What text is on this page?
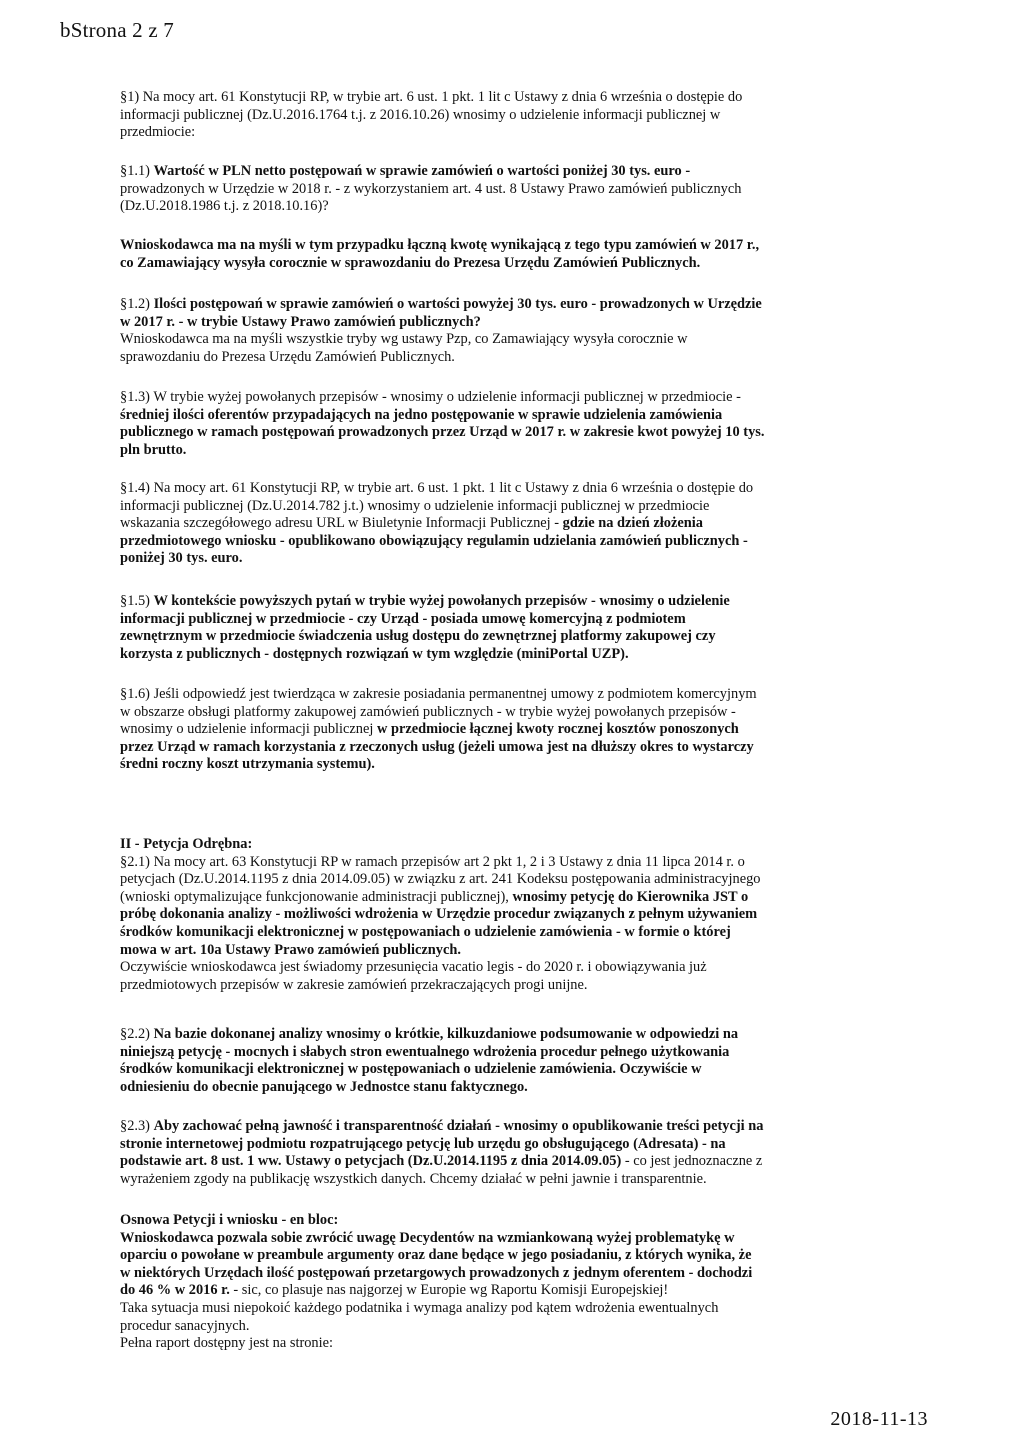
bStrona 2 z 7
§1) Na mocy art. 61 Konstytucji RP, w trybie art. 6 ust. 1 pkt. 1 lit c Ustawy z dnia 6 września o dostępie do
informacji publicznej (Dz.U.2016.1764 t.j. z 2016.10.26) wnosimy o udzielenie informacji publicznej w
przedmiocie:
§1.1) Wartość w PLN netto postępowań w sprawie zamówień o wartości poniżej 30 tys. euro -
prowadzonych w Urzędzie w 2018 r. - z wykorzystaniem art. 4 ust. 8 Ustawy Prawo zamówień publicznych
(Dz.U.2018.1986 t.j. z 2018.10.16)?
Wnioskodawca ma na myśli w tym przypadku łączną kwotę wynikającą z tego typu zamówień w 2017 r.,
co Zamawiający wysyła corocznie w sprawozdaniu do Prezesa Urzędu Zamówień Publicznych.
§1.2) Ilości postępowań w sprawie zamówień o wartości powyżej 30 tys. euro - prowadzonych w Urzędzie
w 2017 r. - w trybie Ustawy Prawo zamówień publicznych?
Wnioskodawca ma na myśli wszystkie tryby wg ustawy Pzp, co Zamawiający wysyła corocznie w
sprawozdaniu do Prezesa Urzędu Zamówień Publicznych.
§1.3) W trybie wyżej powołanych przepisów - wnosimy o udzielenie informacji publicznej w przedmiocie -
średniej ilości oferentów przypadających na jedno postępowanie w sprawie udzielenia zamówienia
publicznego w ramach postępowań prowadzonych przez Urząd w 2017 r. w zakresie kwot powyżej 10 tys.
pln brutto.
§1.4) Na mocy art. 61 Konstytucji RP, w trybie art. 6 ust. 1 pkt. 1 lit c Ustawy z dnia 6 września o dostępie do
informacji publicznej (Dz.U.2014.782 j.t.) wnosimy o udzielenie informacji publicznej w przedmiocie
wskazania szczegółowego adresu URL w Biuletynie Informacji Publicznej - gdzie na dzień złożenia
przedmiotowego wniosku - opublikowano obowiązujący regulamin udzielania zamówień publicznych -
poniżej 30 tys. euro.
§1.5) W kontekście powyższych pytań w trybie wyżej powołanych przepisów - wnosimy o udzielenie
informacji publicznej w przedmiocie - czy Urząd - posiada umowę komercyjną z podmiotem
zewnętrznym w przedmiocie świadczenia usług dostępu do zewnętrznej platformy zakupowej czy
korzysta z publicznych - dostępnych rozwiązań w tym względzie (miniPortal UZP).
§1.6) Jeśli odpowiedź jest twierdząca w zakresie posiadania permanentnej umowy z podmiotem komercyjnym
w obszarze obsługi platformy zakupowej zamówień publicznych - w trybie wyżej powołanych przepisów -
wnosimy o udzielenie informacji publicznej w przedmiocie łącznej kwoty rocznej kosztów ponoszonych
przez Urząd w ramach korzystania z rzeczonych usług (jeżeli umowa jest na dłuższy okres to wystarczy
średni roczny koszt utrzymania systemu).
II - Petycja Odrębna:
§2.1) Na mocy art. 63 Konstytucji RP w ramach przepisów art 2 pkt 1, 2 i 3 Ustawy z dnia 11 lipca 2014 r. o
petycjach (Dz.U.2014.1195 z dnia 2014.09.05) w związku z art. 241 Kodeksu postępowania administracyjnego
(wnioski optymalizujące funkcjonowanie administracji publicznej), wnosimy petycję do Kierownika JST o
próbę dokonania analizy - możliwości wdrożenia w Urzędzie procedur związanych z pełnym używaniem
środków komunikacji elektronicznej w postępowaniach o udzielenie zamówienia - w formie o której
mowa w art. 10a Ustawy Prawo zamówień publicznych.
Oczywiście wnioskodawca jest świadomy przesunięcia vacatio legis - do 2020 r. i obowiązywania już
przedmiotowych przepisów w zakresie zamówień przekraczających progi unijne.
§2.2) Na bazie dokonanej analizy wnosimy o krótkie, kilkuzdaniowe podsumowanie w odpowiedzi na
niniejszą petycję - mocnych i słabych stron ewentualnego wdrożenia procedur pełnego użytkowania
środków komunikacji elektronicznej w postępowaniach o udzielenie zamówienia. Oczywiście w
odniesieniu do obecnie panującego w Jednostce stanu faktycznego.
§2.3) Aby zachować pełną jawność i transparentność działań - wnosimy o opublikowanie treści petycji na
stronie internetowej podmiotu rozpatrującego petycję lub urzędu go obsługującego (Adresata) - na
podstawie art. 8 ust. 1 ww. Ustawy o petycjach (Dz.U.2014.1195 z dnia 2014.09.05) - co jest jednoznaczne z
wyrażeniem zgody na publikację wszystkich danych. Chcemy działać w pełni jawnie i transparentnie.
Osnowa Petycji i wniosku - en bloc:
Wnioskodawca pozwala sobie zwrócić uwagę Decydentów na wzmiankowaną wyżej problematykę w
oparciu o powołane w preambule argumenty oraz dane będące w jego posiadaniu, z których wynika, że
w niektórych Urzędach ilość postępowań przetargowych prowadzonych z jednym oferentem - dochodzi
do 46 % w 2016 r. - sic, co plasuje nas najgorzej w Europie wg Raportu Komisji Europejskiej!
Taka sytuacja musi niepokoić każdego podatnika i wymaga analizy pod kątem wdrożenia ewentualnych
procedur sanacyjnych.
Pełna raport dostępny jest na stronie:
2018-11-13
